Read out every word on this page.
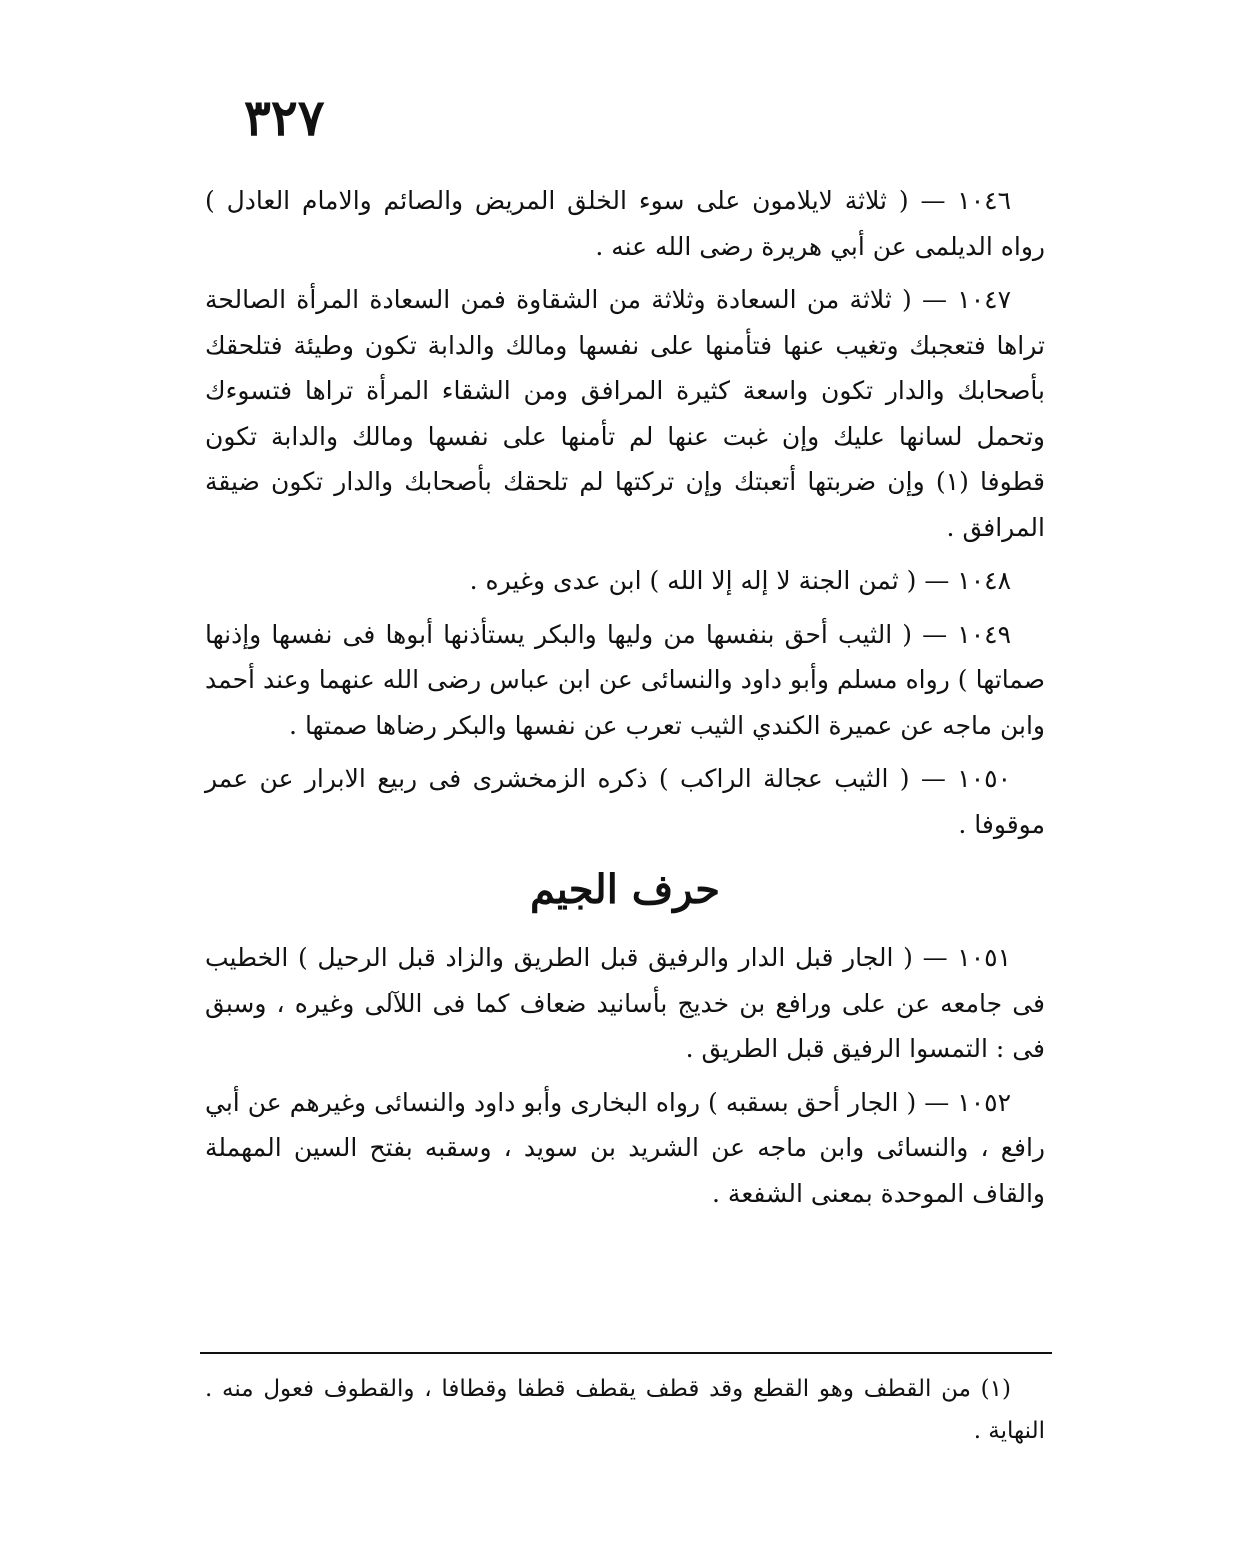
٣٢٧

١٠٤٦ — ( ثلاثة لايلامون على سوء الخلق المريض والصائم والامام العادل ) رواه الديلمى عن أبي هريرة رضى الله عنه .

١٠٤٧ — ( ثلاثة من السعادة وثلاثة من الشقاوة فمن السعادة المرأة الصالحة تراها فتعجبك وتغيب عنها فتأمنها على نفسها ومالك والدابة تكون وطيئة فتلحقك بأصحابك والدار تكون واسعة كثيرة المرافق ومن الشقاء المرأة تراها فتسوءك وتحمل لسانها عليك وإن غبت عنها لم تأمنها على نفسها ومالك والدابة تكون قطوفا (١) وإن ضربتها أتعبتك وإن تركتها لم تلحقك بأصحابك والدار تكون ضيقة المرافق .

١٠٤٨ — ( ثمن الجنة لا إله إلا الله ) ابن عدى وغيره .

١٠٤٩ — ( الثيب أحق بنفسها من وليها والبكر يستأذنها أبوها فى نفسها وإذنها صماتها ) رواه مسلم وأبو داود والنسائى عن ابن عباس رضى الله عنهما وعند أحمد وابن ماجه عن عميرة الكندي الثيب تعرب عن نفسها والبكر رضاها صمتها .

١٠٥٠ — ( الثيب عجالة الراكب ) ذكره الزمخشرى فى ربيع الابرار عن عمر موقوفا .

حرف الجيم

١٠٥١ — ( الجار قبل الدار والرفيق قبل الطريق والزاد قبل الرحيل ) الخطيب فى جامعه عن على ورافع بن خديج بأسانيد ضعاف كما فى اللآلى وغيره ، وسبق فى : التمسوا الرفيق قبل الطريق .

١٠٥٢ — ( الجار أحق بسقبه ) رواه البخارى وأبو داود والنسائى وغيرهم عن أبي رافع ، والنسائى وابن ماجه عن الشريد بن سويد ، وسقبه بفتح السين المهملة والقاف الموحدة بمعنى الشفعة .

(١) من القطف وهو القطع وقد قطف يقطف قطفا وقطافا ، والقطوف فعول منه . النهاية .
